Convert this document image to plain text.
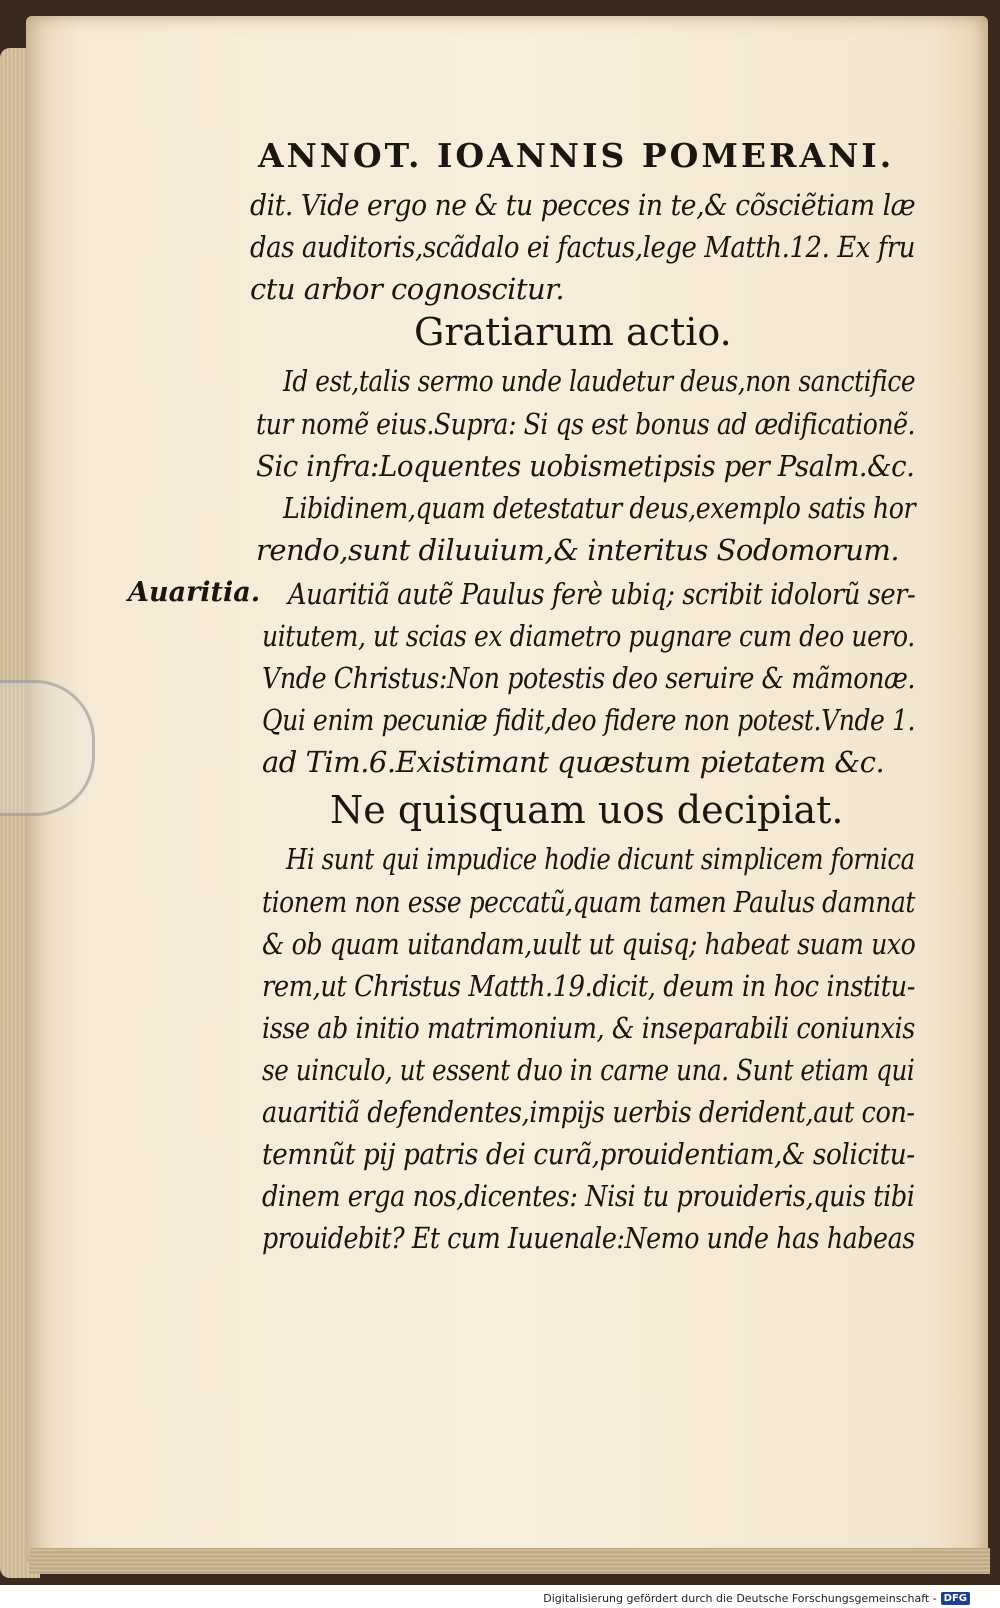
ANNOT. IOANNIS POMERANI.
dit. Vide ergo ne & tu pecces in te,& cõsciẽtiam læ
das auditoris,scãdalo ei factus,lege Matth.12. Ex fru
ctu arbor cognoscitur.
Gratiarum actio.
Id est,talis sermo unde laudetur deus,non sanctifice
tur nomẽ eius.Supra: Si qs est bonus ad ædificationẽ.
Sic infra:Loquentes uobismetipsis per Psalm.&c.
Libidinem,quam detestatur deus,exemplo satis hor
rendo,sunt diluuium,& interitus Sodomorum.
Auaritia. Auaritiã autẽ Paulus ferè ubiq; scribit idolorũ ser-
uitutem, ut scias ex diametro pugnare cum deo uero.
Vnde Christus:Non potestis deo seruire & mãmonæ.
Qui enim pecuniæ fidit,deo fidere non potest.Vnde 1.
ad Tim.6.Existimant quæstum pietatem &c.
Ne quisquam uos decipiat.
Hi sunt qui impudice hodie dicunt simplicem fornica
tionem non esse peccatũ,quam tamen Paulus damnat
& ob quam uitandam,uult ut quisq; habeat suam uxo
rem,ut Christus Matth.19.dicit, deum in hoc institu-
isse ab initio matrimonium, & inseparabili coniunxis
se uinculo, ut essent duo in carne una. Sunt etiam qui
auaritiã defendentes,impijs uerbis derident,aut con-
temnũt pij patris dei curã,prouidentiam,& solicitu-
dinem erga nos,dicentes: Nisi tu prouideris,quis tibi
prouidebit? Et cum Iuuenale:Nemo unde has habeas
Digitalisierung gefördert durch die Deutsche Forschungsgemeinschaft - DFG
